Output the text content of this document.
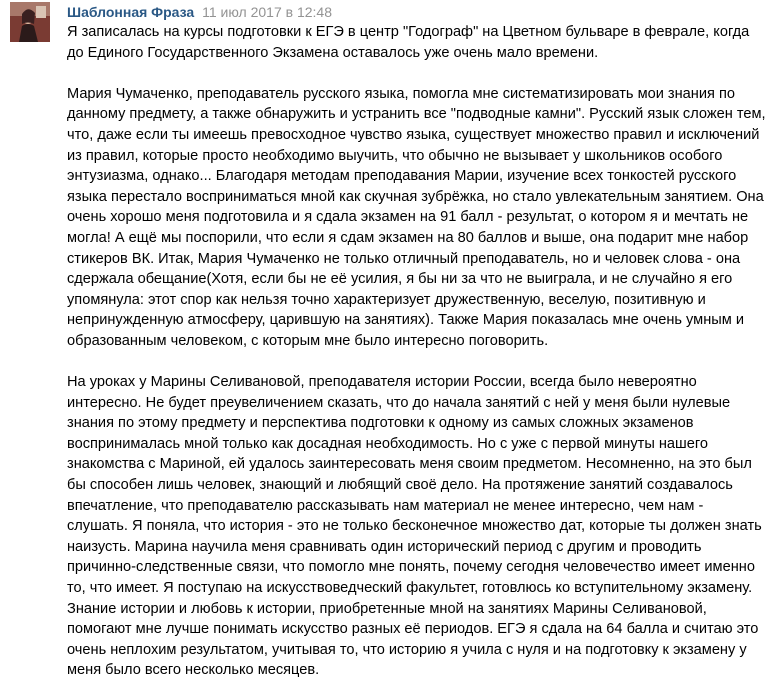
Шаблонная Фраза 11 июл 2017 в 12:48

Я записалась на курсы подготовки к ЕГЭ в центр "Годограф" на Цветном бульваре в феврале, когда до Единого Государственного Экзамена оставалось уже очень мало времени.

Мария Чумаченко, преподаватель русского языка, помогла мне систематизировать мои знания по данному предмету, а также обнаружить и устранить все "подводные камни". Русский язык сложен тем, что, даже если ты имеешь превосходное чувство языка, существует множество правил и исключений из правил, которые просто необходимо выучить, что обычно не вызывает у школьников особого энтузиазма, однако... Благодаря методам преподавания Марии, изучение всех тонкостей русского языка перестало восприниматься мной как скучная зубрёжка, но стало увлекательным занятием. Она очень хорошо меня подготовила и я сдала экзамен на 91 балл - результат, о котором я и мечтать не могла! А ещё мы поспорили, что если я сдам экзамен на 80 баллов и выше, она подарит мне набор стикеров ВК. Итак, Мария Чумаченко не только отличный преподаватель, но и человек слова - она сдержала обещание(Хотя, если бы не её усилия, я бы ни за что не выиграла, и не случайно я его упомянула: этот спор как нельзя точно характеризует дружественную, веселую, позитивную и непринужденную атмосферу, царившую на занятиях). Также Мария показалась мне очень умным и образованным человеком, с которым мне было интересно поговорить.

На уроках у Марины Селивановой, преподавателя истории России, всегда было невероятно интересно. Не будет преувеличением сказать, что до начала занятий с ней у меня были нулевые знания по этому предмету и перспектива подготовки к одному из самых сложных экзаменов воспринималась мной только как досадная необходимость. Но с уже с первой минуты нашего знакомства с Мариной, ей удалось заинтересовать меня своим предметом. Несомненно, на это был бы способен лишь человек, знающий и любящий своё дело. На протяжение занятий создавалось впечатление, что преподавателю рассказывать нам материал не менее интересно, чем нам - слушать. Я поняла, что история - это не только бесконечное множество дат, которые ты должен знать наизусть. Марина научила меня сравнивать один исторический период с другим и проводить причинно-следственные связи, что помогло мне понять, почему сегодня человечество имеет именно то, что имеет. Я поступаю на искусствоведческий факультет, готовлюсь ко вступительному экзамену. Знание истории и любовь к истории, приобретенные мной на занятиях Марины Селивановой, помогают мне лучше понимать искусство разных её периодов. ЕГЭ я сдала на 64 балла и считаю это очень неплохим результатом, учитывая то, что историю я учила с нуля и на подготовку к экзамену у меня было всего несколько месяцев.
